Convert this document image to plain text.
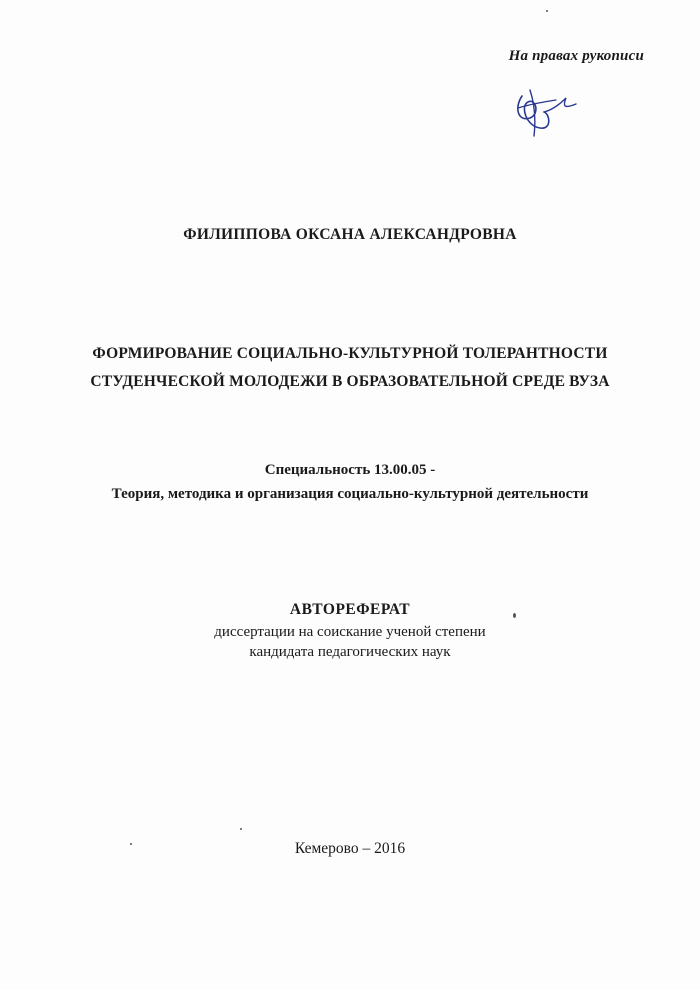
На правах рукописи
ФИЛИППОВА ОКСАНА АЛЕКСАНДРОВНА
ФОРМИРОВАНИЕ СОЦИАЛЬНО-КУЛЬТУРНОЙ ТОЛЕРАНТНОСТИ
СТУДЕНЧЕСКОЙ МОЛОДЕЖИ В ОБРАЗОВАТЕЛЬНОЙ СРЕДЕ ВУЗА
Специальность 13.00.05 -
Теория, методика и организация социально-культурной деятельности
АВТОРЕФЕРАТ
диссертации на соискание ученой степени
кандидата педагогических наук
Кемерово – 2016
